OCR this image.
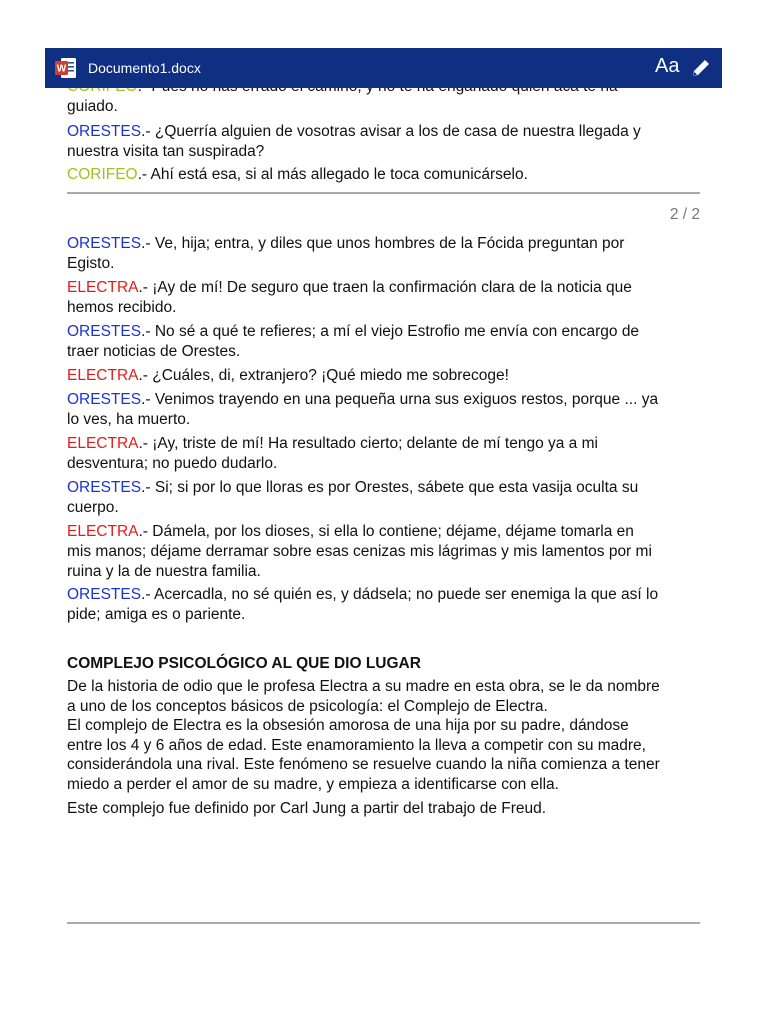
guiado.
ORESTES.- ¿Querría alguien de vosotras avisar a los de casa de nuestra llegada y
nuestra visita tan suspirada?
CORIFEO.- Ahí está esa, si al más allegado le toca comunicárselo.
2 / 2
ORESTES.- Ve, hija; entra, y diles que unos hombres de la Fócida preguntan por
Egisto.
ELECTRA.- ¡Ay de mí! De seguro que traen la confirmación clara de la noticia que
hemos recibido.
ORESTES.- No sé a qué te refieres; a mí el viejo Estrofio me envía con encargo de
traer noticias de Orestes.
ELECTRA.- ¿Cuáles, di, extranjero? ¡Qué miedo me sobrecoge!
ORESTES.- Venimos trayendo en una pequeña urna sus exiguos restos, porque ... ya
lo ves, ha muerto.
ELECTRA.- ¡Ay, triste de mí! Ha resultado cierto; delante de mí tengo ya a mi
desventura; no puedo dudarlo.
ORESTES.- Si; si por lo que lloras es por Orestes, sábete que esta vasija oculta su
cuerpo.
ELECTRA.- Dámela, por los dioses, si ella lo contiene; déjame, déjame tomarla en
mis manos; déjame derramar sobre esas cenizas mis lágrimas y mis lamentos por mi
ruina y la de nuestra familia.
ORESTES.- Acercadla, no sé quién es, y dádsela; no puede ser enemiga la que así lo
pide; amiga es o pariente.
COMPLEJO PSICOLÓGICO AL QUE DIO LUGAR
De la historia de odio que le profesa Electra a su madre en esta obra, se le da nombre
a uno de los conceptos básicos de psicología: el Complejo de Electra.
El complejo de Electra es la obsesión amorosa de una hija por su padre, dándose
entre los 4 y 6 años de edad. Este enamoramiento la lleva a competir con su madre,
considerándola una rival. Este fenómeno se resuelve cuando la niña comienza a tener
miedo a perder el amor de su madre, y empieza a identificarse con ella.
Este complejo fue definido por Carl Jung a partir del trabajo de Freud.
W Documento1.docx	Aa
